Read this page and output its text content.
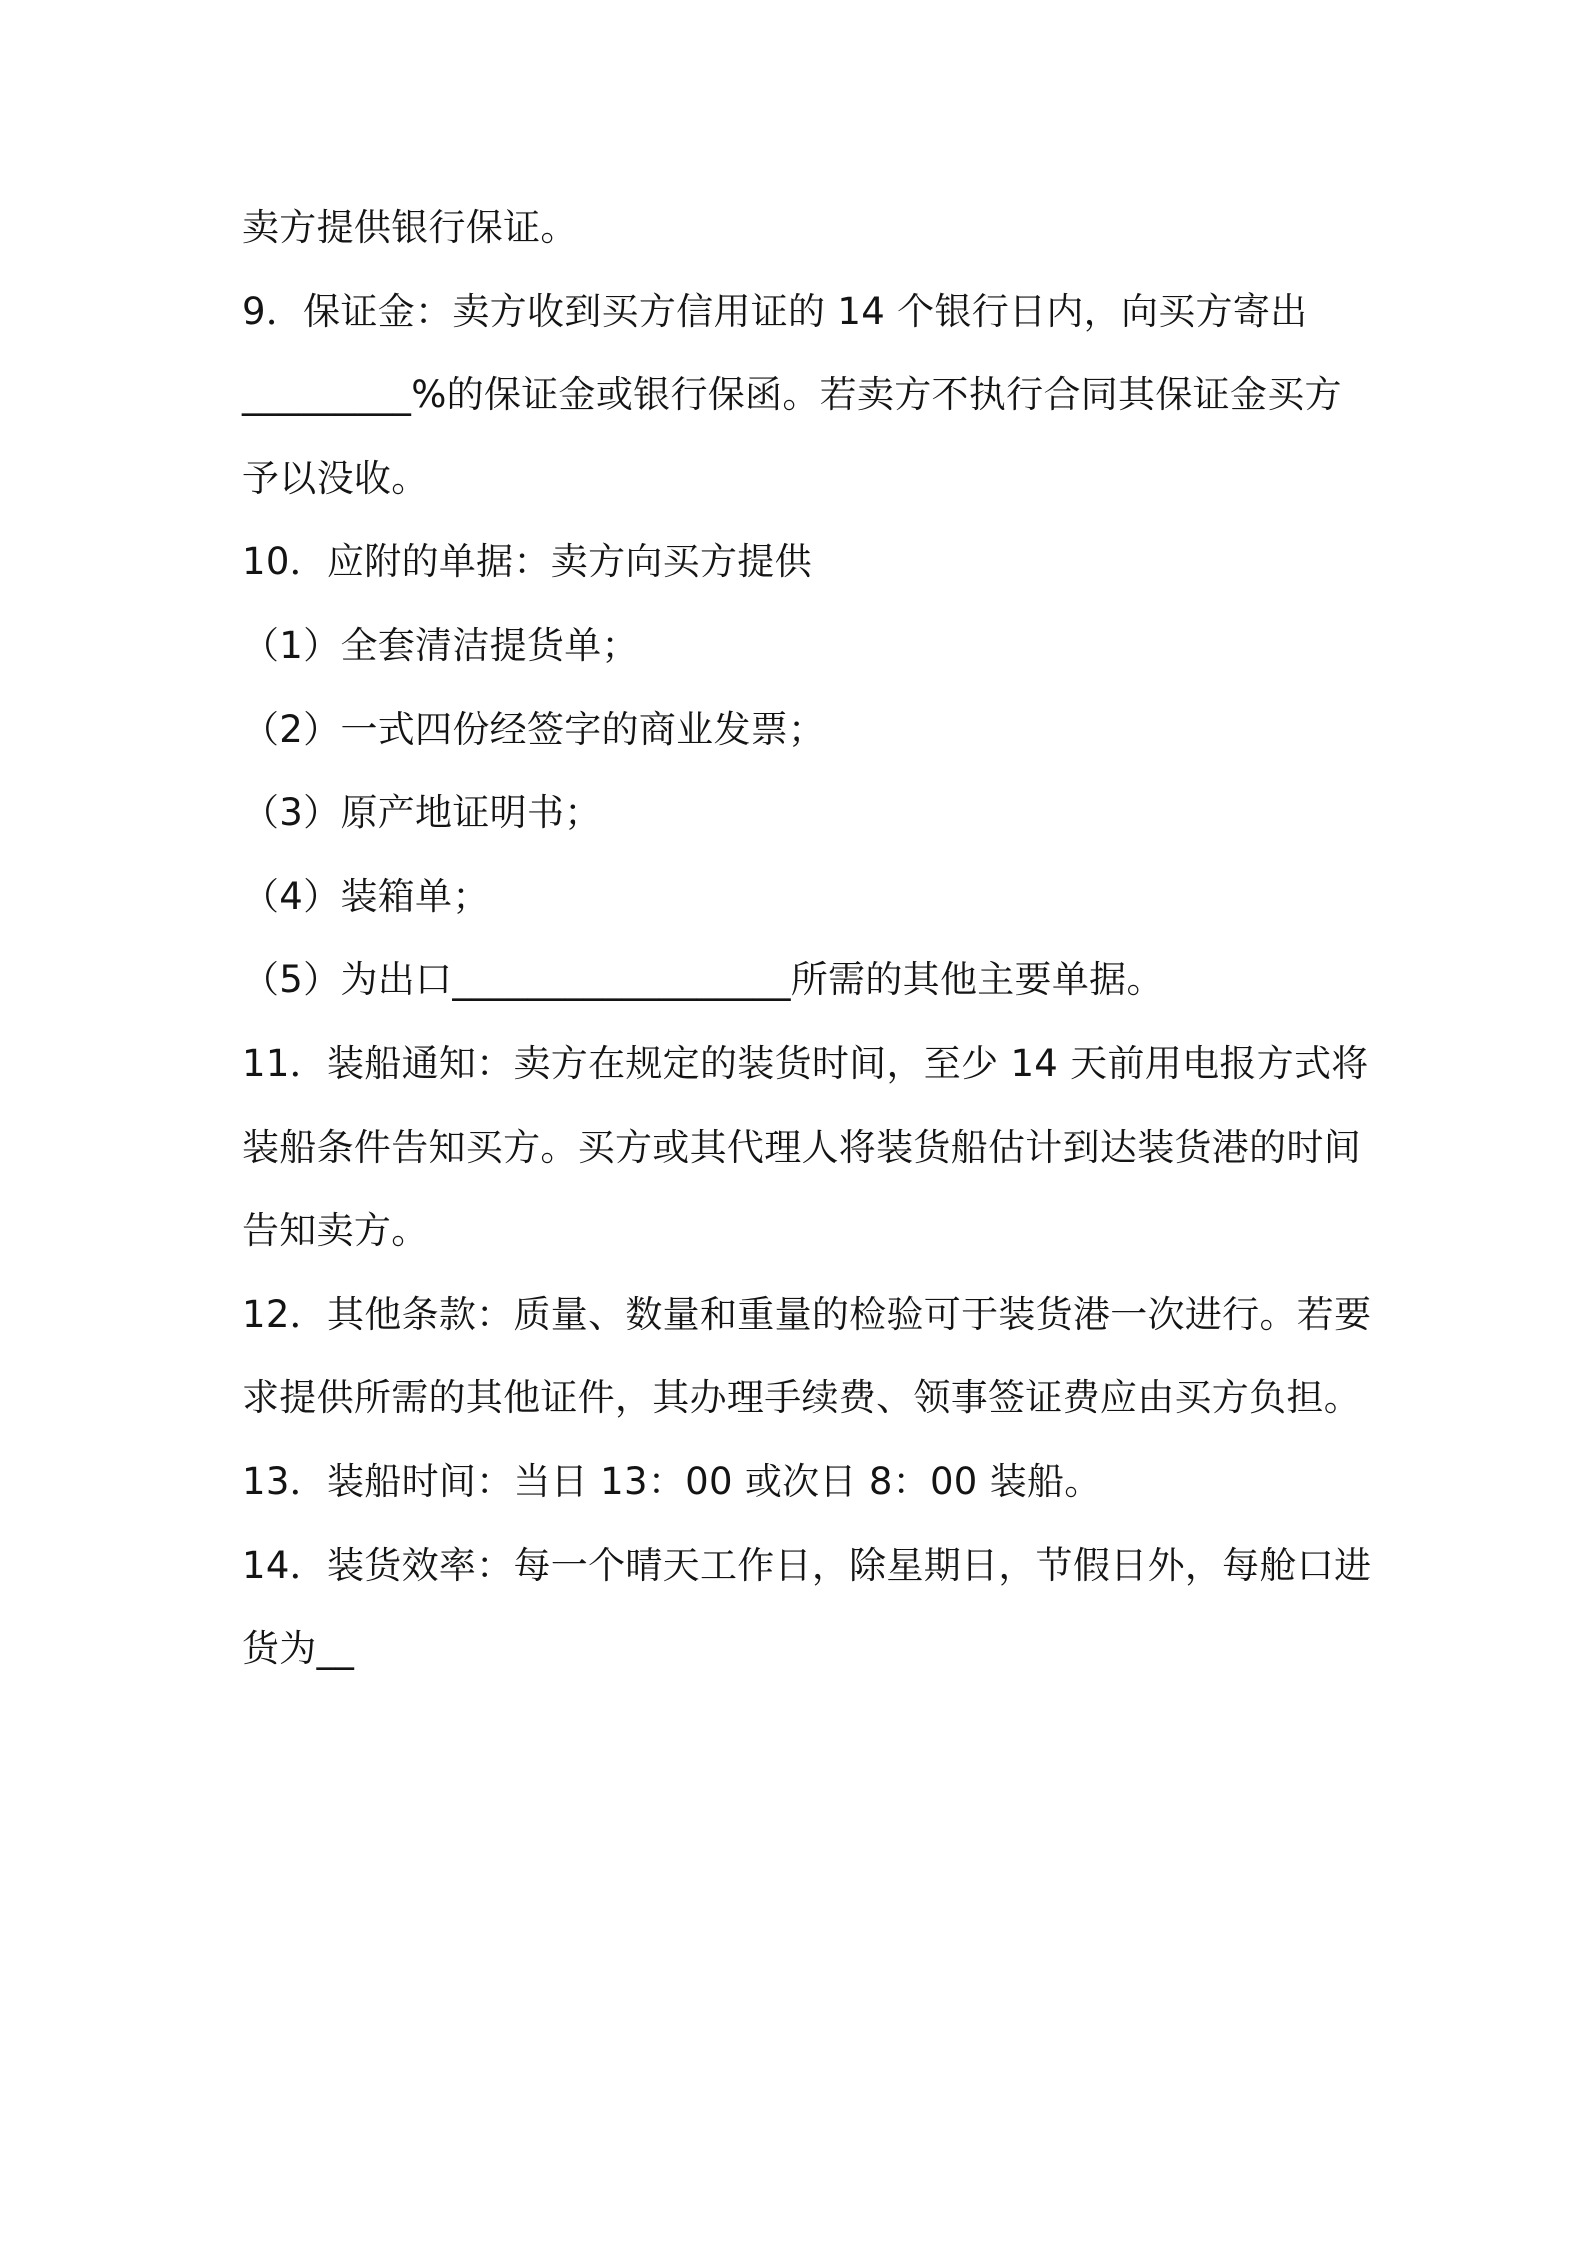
卖方提供银行保证。
9．保证金：卖方收到买方信用证的 14 个银行日内，向买方寄出
_________%的保证金或银行保函。若卖方不执行合同其保证金买方
予以没收。
10．应附的单据：卖方向买方提供
（1）全套清洁提货单；
（2）一式四份经签字的商业发票；
（3）原产地证明书；
（4）装箱单；
（5）为出口__________________所需的其他主要单据。
11．装船通知：卖方在规定的装货时间，至少 14 天前用电报方式将
装船条件告知买方。买方或其代理人将装货船估计到达装货港的时间
告知卖方。
12．其他条款：质量、数量和重量的检验可于装货港一次进行。若要
求提供所需的其他证件，其办理手续费、领事签证费应由买方负担。
13．装船时间：当日 13：00 或次日 8：00 装船。
14．装货效率：每一个晴天工作日，除星期日，节假日外，每舱口进
货为__
